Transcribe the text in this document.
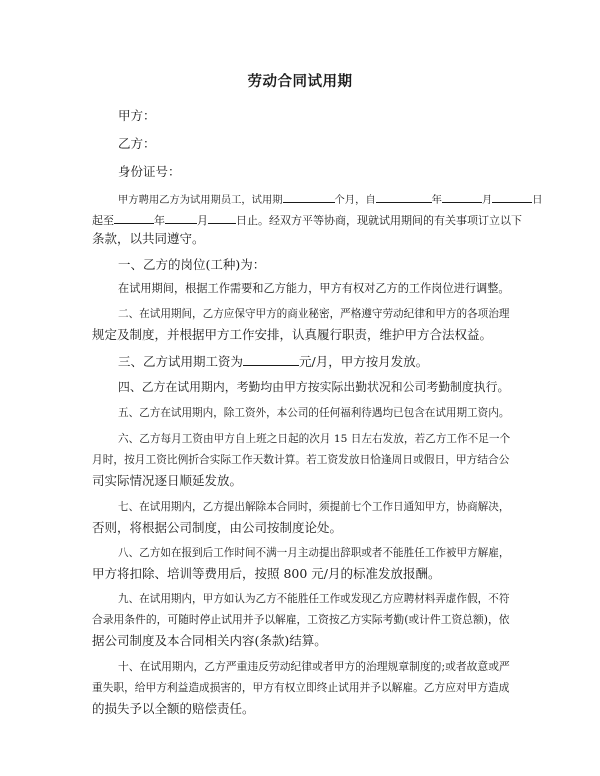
劳动合同试用期
甲方：
乙方：
身份证号：
甲方聘用乙方为试用期员工，试用期	个月，自	年	月	日
起至	年	月	日止。经双方平等协商，现就试用期间的有关事项订立以下
条款，以共同遵守。
一、乙方的岗位(工种)为：
在试用期间，根据工作需要和乙方能力，甲方有权对乙方的工作岗位进行调整。
二、在试用期间，乙方应保守甲方的商业秘密，严格遵守劳动纪律和甲方的各项治理
规定及制度，并根据甲方工作安排，认真履行职责，维护甲方合法权益。
三、乙方试用期工资为	元/月，甲方按月发放。
四、乙方在试用期内，考勤均由甲方按实际出勤状况和公司考勤制度执行。
五、乙方在试用期内，除工资外，本公司的任何福利待遇均已包含在试用期工资内。
六、乙方每月工资由甲方自上班之日起的次月 15 日左右发放，若乙方工作不足一个
月时，按月工资比例折合实际工作天数计算。若工资发放日恰逢周日或假日，甲方结合公
司实际情况逐日顺延发放。
七、在试用期内，乙方提出解除本合同时，须提前七个工作日通知甲方，协商解决，
否则，将根据公司制度，由公司按制度论处。
八、乙方如在报到后工作时间不满一月主动提出辞职或者不能胜任工作被甲方解雇，
甲方将扣除、培训等费用后，按照 800 元/月的标准发放报酬。
九、在试用期内，甲方如认为乙方不能胜任工作或发现乙方应聘材料弄虚作假，不符
合录用条件的，可随时停止试用并予以解雇，工资按乙方实际考勤(或计件工资总额)，依
据公司制度及本合同相关内容(条款)结算。
十、在试用期内，乙方严重违反劳动纪律或者甲方的治理规章制度的;或者故意或严
重失职，给甲方利益造成损害的，甲方有权立即终止试用并予以解雇。乙方应对甲方造成
的损失予以全额的赔偿责任。
